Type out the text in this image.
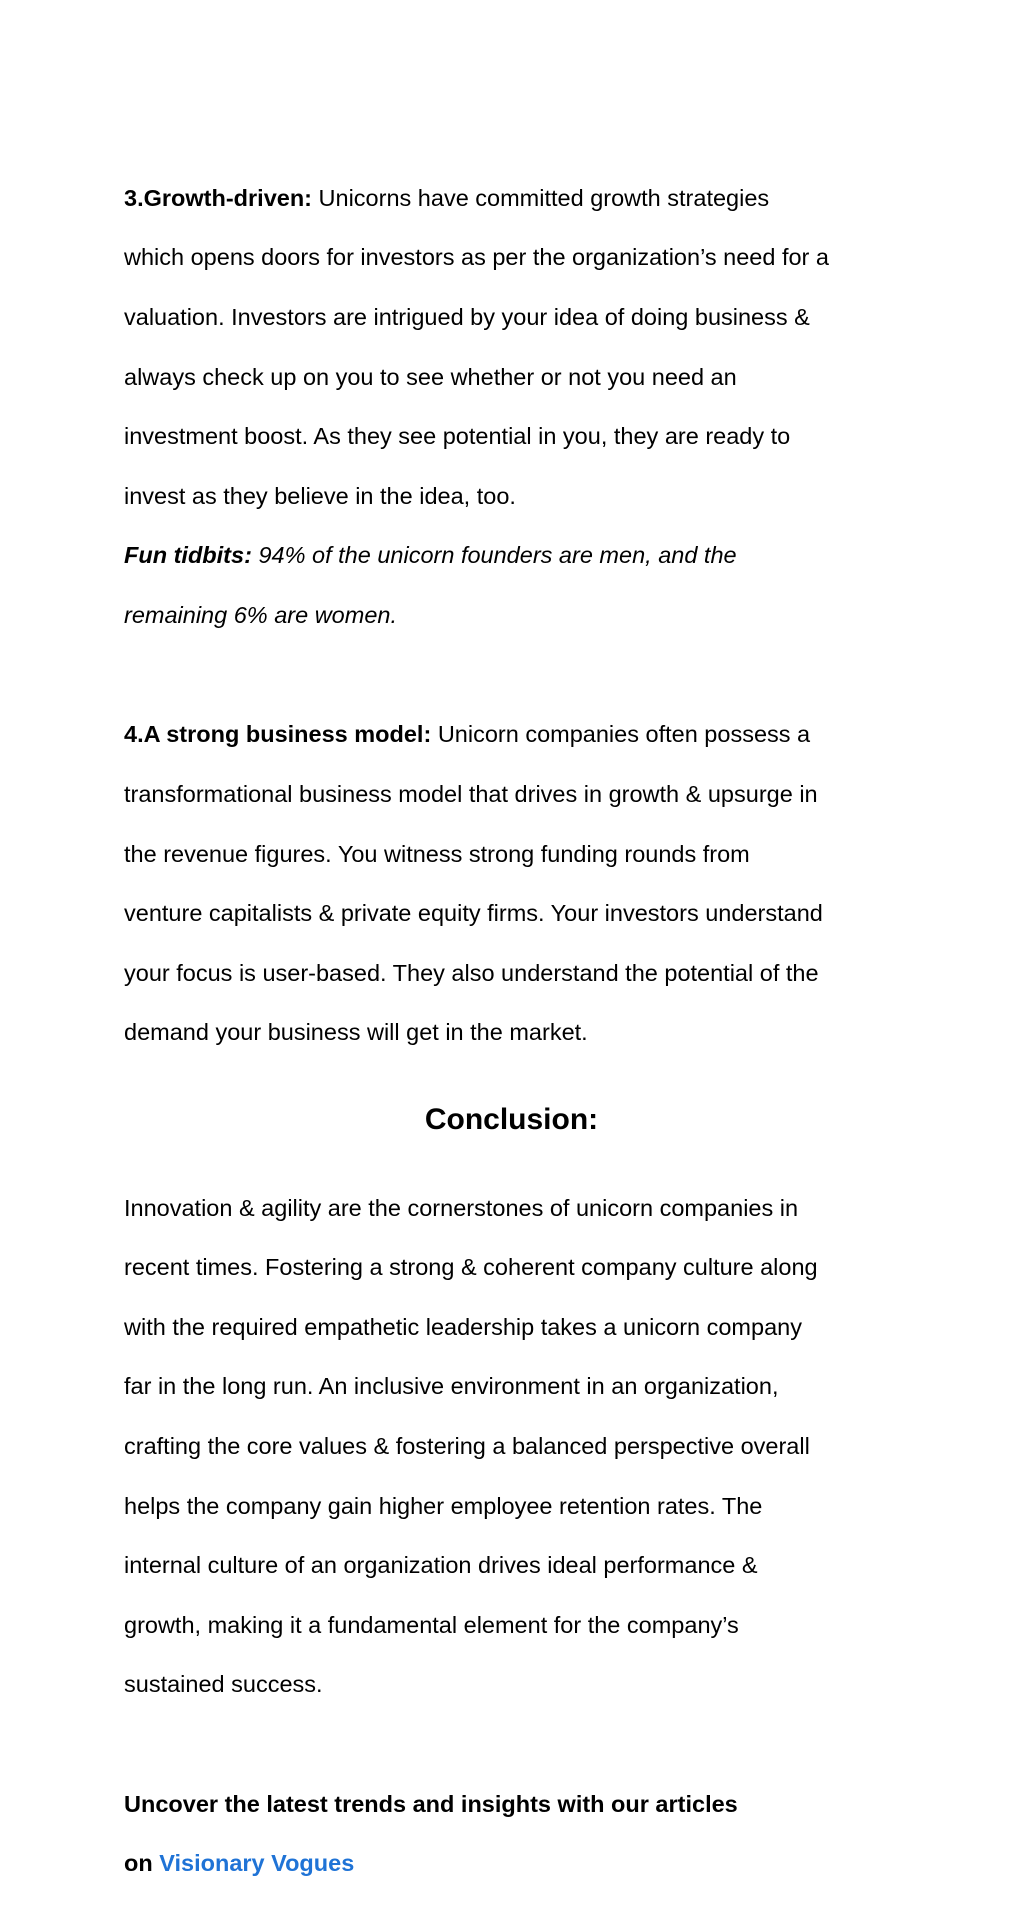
3.Growth-driven: Unicorns have committed growth strategies

which opens doors for investors as per the organization’s need for a

valuation. Investors are intrigued by your idea of doing business &

always check up on you to see whether or not you need an

investment boost. As they see potential in you, they are ready to

invest as they believe in the idea, too.

Fun tidbits: 94% of the unicorn founders are men, and the

remaining 6% are women.

4.A strong business model: Unicorn companies often possess a

transformational business model that drives in growth & upsurge in

the revenue figures. You witness strong funding rounds from

venture capitalists & private equity firms. Your investors understand

your focus is user-based. They also understand the potential of the

demand your business will get in the market.

Conclusion:

Innovation & agility are the cornerstones of unicorn companies in

recent times. Fostering a strong & coherent company culture along

with the required empathetic leadership takes a unicorn company

far in the long run. An inclusive environment in an organization,

crafting the core values & fostering a balanced perspective overall

helps the company gain higher employee retention rates. The

internal culture of an organization drives ideal performance &

growth, making it a fundamental element for the company’s

sustained success.

Uncover the latest trends and insights with our articles

on Visionary Vogues
